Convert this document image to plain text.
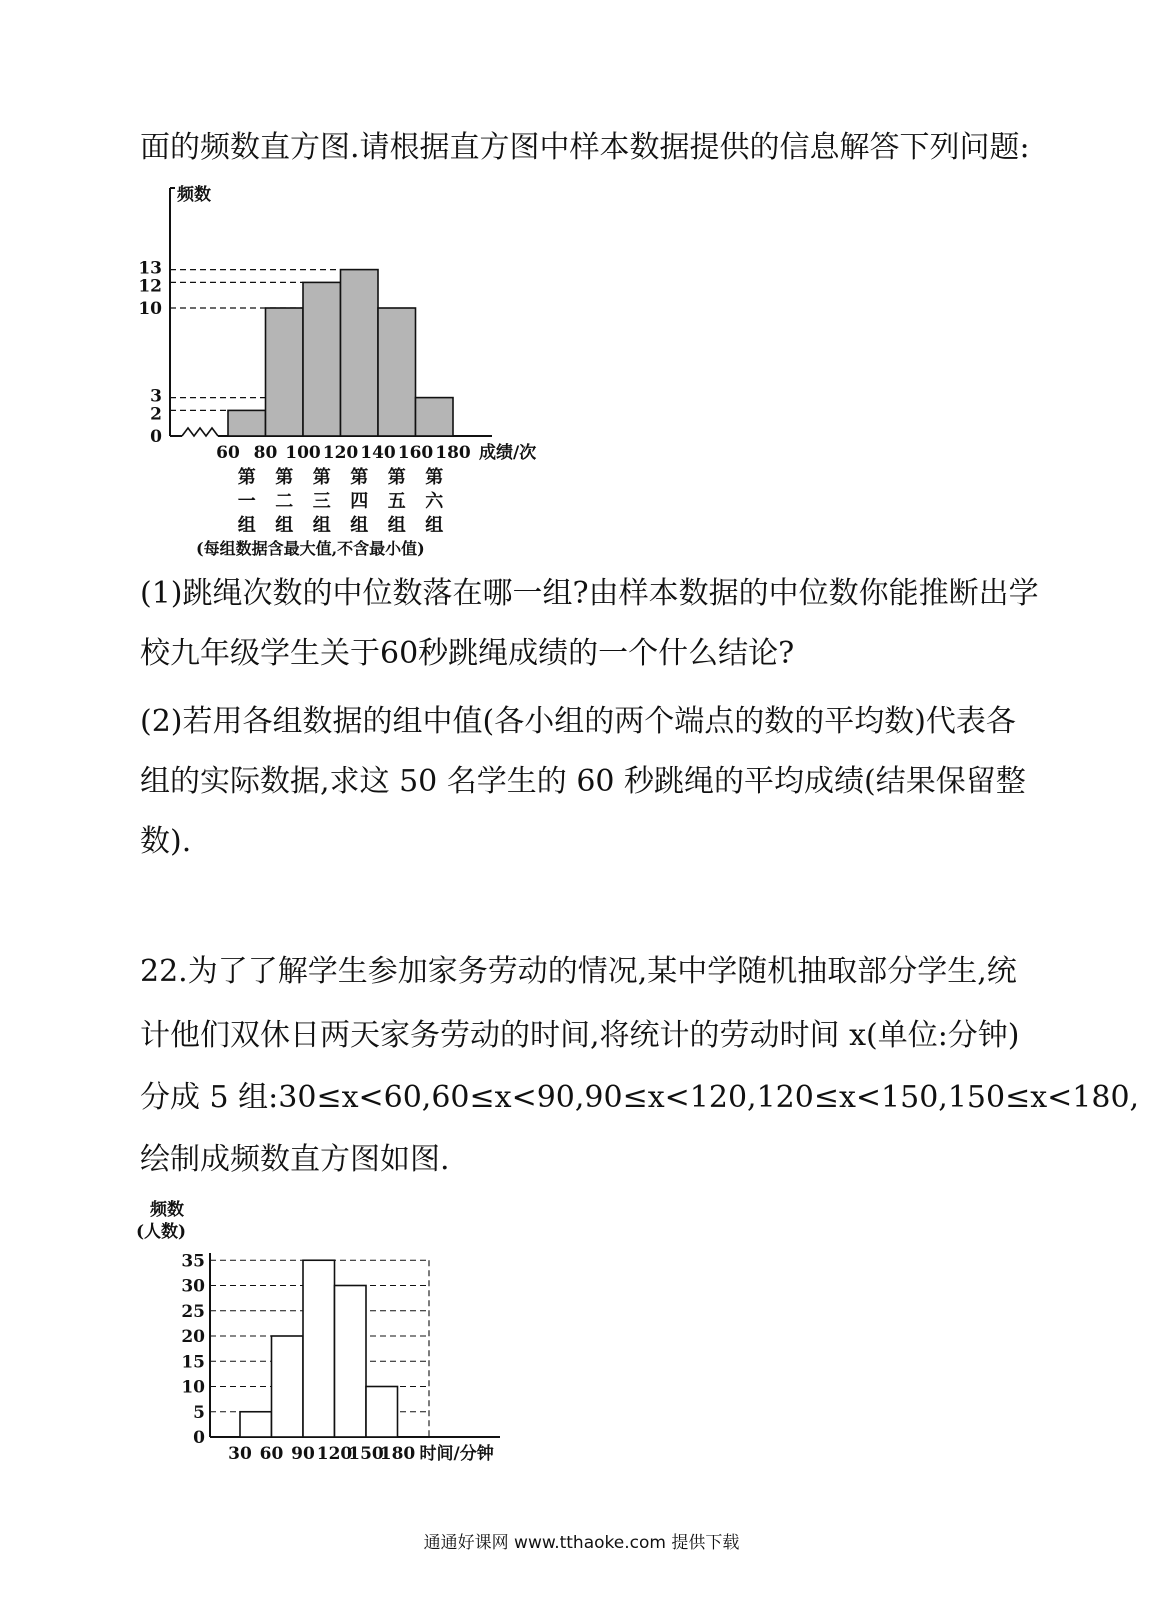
面的频数直方图.请根据直方图中样本数据提供的信息解答下列问题:
频数
0
2
3
10
12
13
60 80 100 120 140 160 180 成绩/次
第
一
组
第
二
组
第
三
组
第
四
组
第
五
组
第
六
组
(每组数据含最大值,不含最小值)
(1)跳绳次数的中位数落在哪一组?由样本数据的中位数你能推断出学
校九年级学生关于60秒跳绳成绩的一个什么结论?
(2)若用各组数据的组中值(各小组的两个端点的数的平均数)代表各
组的实际数据,求这 50 名学生的 60 秒跳绳的平均成绩(结果保留整
数).
22.为了了解学生参加家务劳动的情况,某中学随机抽取部分学生,统
计他们双休日两天家务劳动的时间,将统计的劳动时间 x(单位:分钟)
分成 5 组:30≤x<60,60≤x<90,90≤x<120,120≤x<150,150≤x<180,
绘制成频数直方图如图.
频数
(人数)
0
5
10
15
20
25
30
35
30 60 90 120
150
180 时间/分钟
通通好课网 www.tthaoke.com 提供下载
